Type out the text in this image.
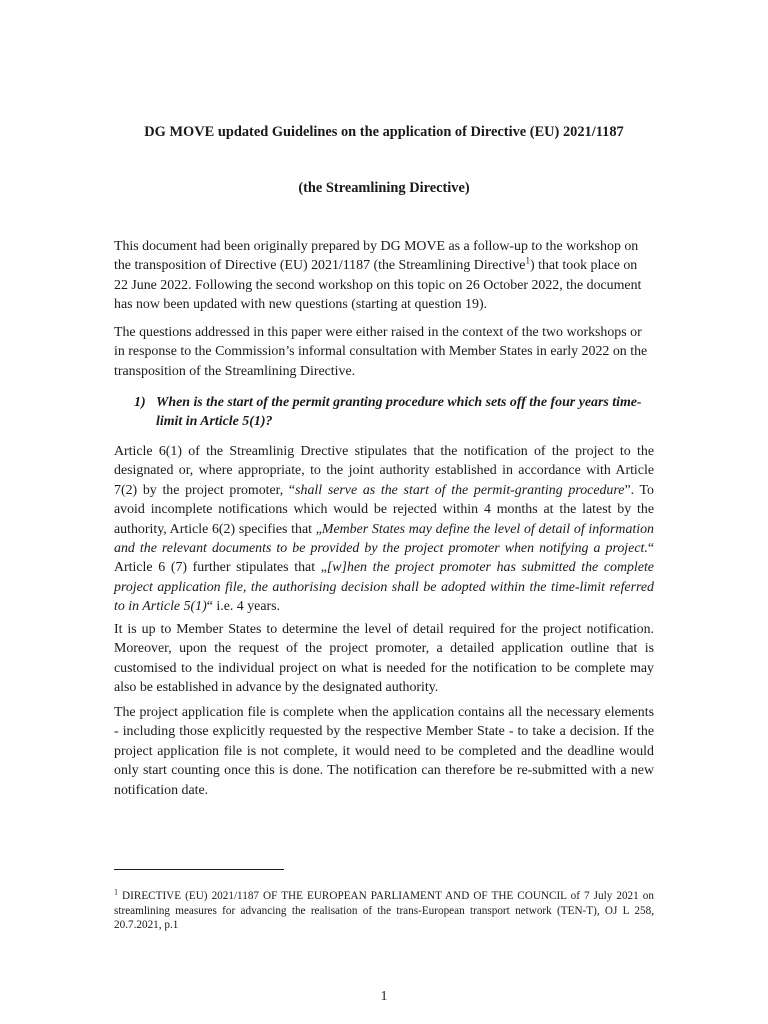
DG MOVE updated Guidelines on the application of Directive (EU) 2021/1187
(the Streamlining Directive)

This document had been originally prepared by DG MOVE as a follow-up to the workshop on the transposition of Directive (EU) 2021/1187 (the Streamlining Directive$^1$) that took place on 22 June 2022. Following the second workshop on this topic on 26 October 2022, the document has now been updated with new questions (starting at question 19).

The questions addressed in this paper were either raised in the context of the two workshops or in response to the Commission’s informal consultation with Member States in early 2022 on the transposition of the Streamlining Directive.

1) When is the start of the permit granting procedure which sets off the four years time-limit in Article 5(1)?

Article 6(1) of the Streamlinig Drective stipulates that the notification of the project to the designated or, where appropriate, to the joint authority established in accordance with Article 7(2) by the project promoter, “shall serve as the start of the permit-granting procedure”. To avoid incomplete notifications which would be rejected within 4 months at the latest by the authority, Article 6(2) specifies that „Member States may define the level of detail of information and the relevant documents to be provided by the project promoter when notifying a project.“ Article 6 (7) further stipulates that „[w]hen the project promoter has submitted the complete project application file, the authorising decision shall be adopted within the time-limit referred to in Article 5(1)“ i.e. 4 years.

It is up to Member States to determine the level of detail required for the project notification. Moreover, upon the request of the project promoter, a detailed application outline that is customised to the individual project on what is needed for the notification to be complete may also be established in advance by the designated authority.

The project application file is complete when the application contains all the necessary elements - including those explicitly requested by the respective Member State - to take a decision. If the project application file is not complete, it would need to be completed and the deadline would only start counting once this is done. The notification can therefore be re-submitted with a new notification date.

$^1$ DIRECTIVE (EU) 2021/1187 OF THE EUROPEAN PARLIAMENT AND OF THE COUNCIL of 7 July 2021 on streamlining measures for advancing the realisation of the trans-European transport network (TEN-T), OJ L 258, 20.7.2021, p.1
1
